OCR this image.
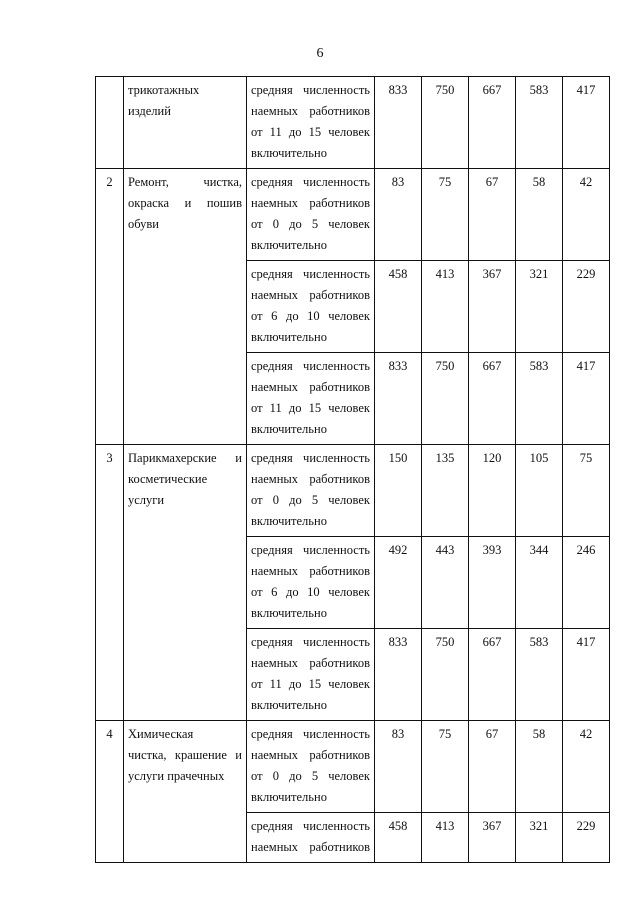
6

	трикотажных
изделий	средняя численность
наемных работников
от 11 до 15 человек
включительно	833	750	667	583	417
2	Ремонт, чистка,
окраска и пошив
обуви	средняя численность
наемных работников
от 0 до 5 человек
включительно	83	75	67	58	42

		средняя численность
наемных работников
от 6 до 10 человек
включительно	458	413	367	321	229

		средняя численность
наемных работников
от 11 до 15 человек
включительно	833	750	667	583	417
3	Парикмахерские и
косметические
услуги	средняя численность
наемных работников
от 0 до 5 человек
включительно	150	135	120	105	75

		средняя численность
наемных работников
от 6 до 10 человек
включительно	492	443	393	344	246

		средняя численность
наемных работников
от 11 до 15 человек
включительно	833	750	667	583	417
4	Химическая
чистка, крашение и
услуги прачечных	средняя численность
наемных работников
от 0 до 5 человек
включительно	83	75	67	58	42

		средняя численность
наемных работников	458	413	367	321	229
